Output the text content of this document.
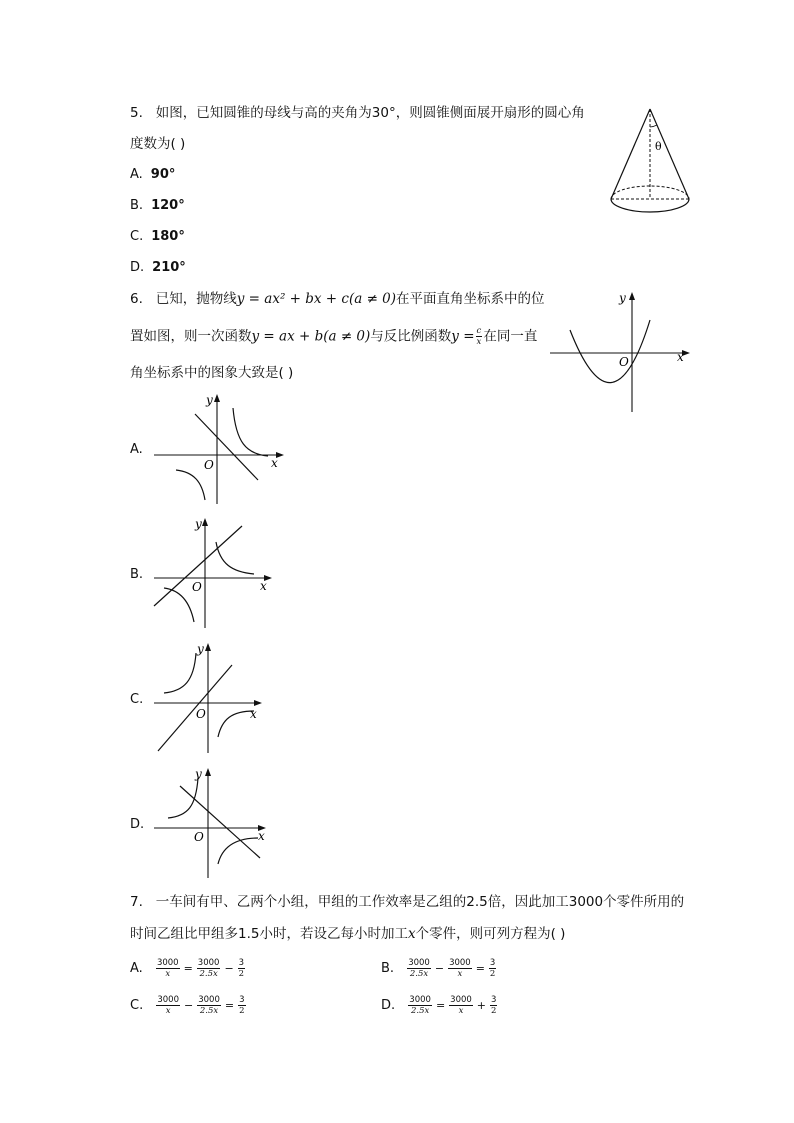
5. 如图，已知圆锥的母线与高的夹角为30°，则圆锥侧面展开扇形的圆心角
度数为( )
A. 90°
B. 120°
C. 180°
D. 210°
θ
6. 已知，抛物线y = ax² + bx + c(a ≠ 0)在平面直角坐标系中的位
置如图，则一次函数y = ax + b(a ≠ 0)与反比例函数$y = \frac{c}{x}$ 在同一直
角坐标系中的图象大致是( )
y
x
O
A.
y
x
O
B.
y
x
O
C.
y
x
O
D.
y
x
O
7. 一车间有甲、乙两个小组，甲组的工作效率是乙组的2.5倍，因此加工3000个零件所用的
时间乙组比甲组多1.5小时，若设乙每小时加工x个零件，则可列方程为( )
A. $\frac{3000}{x} = \frac{3000}{2.5x} - \frac{3}{2}$	B. $\frac{3000}{2.5x} - \frac{3000}{x} = \frac{3}{2}$
C. $\frac{3000}{x} - \frac{3000}{2.5x} = \frac{3}{2}$	D. $\frac{3000}{2.5x} = \frac{3000}{x} + \frac{3}{2}$
